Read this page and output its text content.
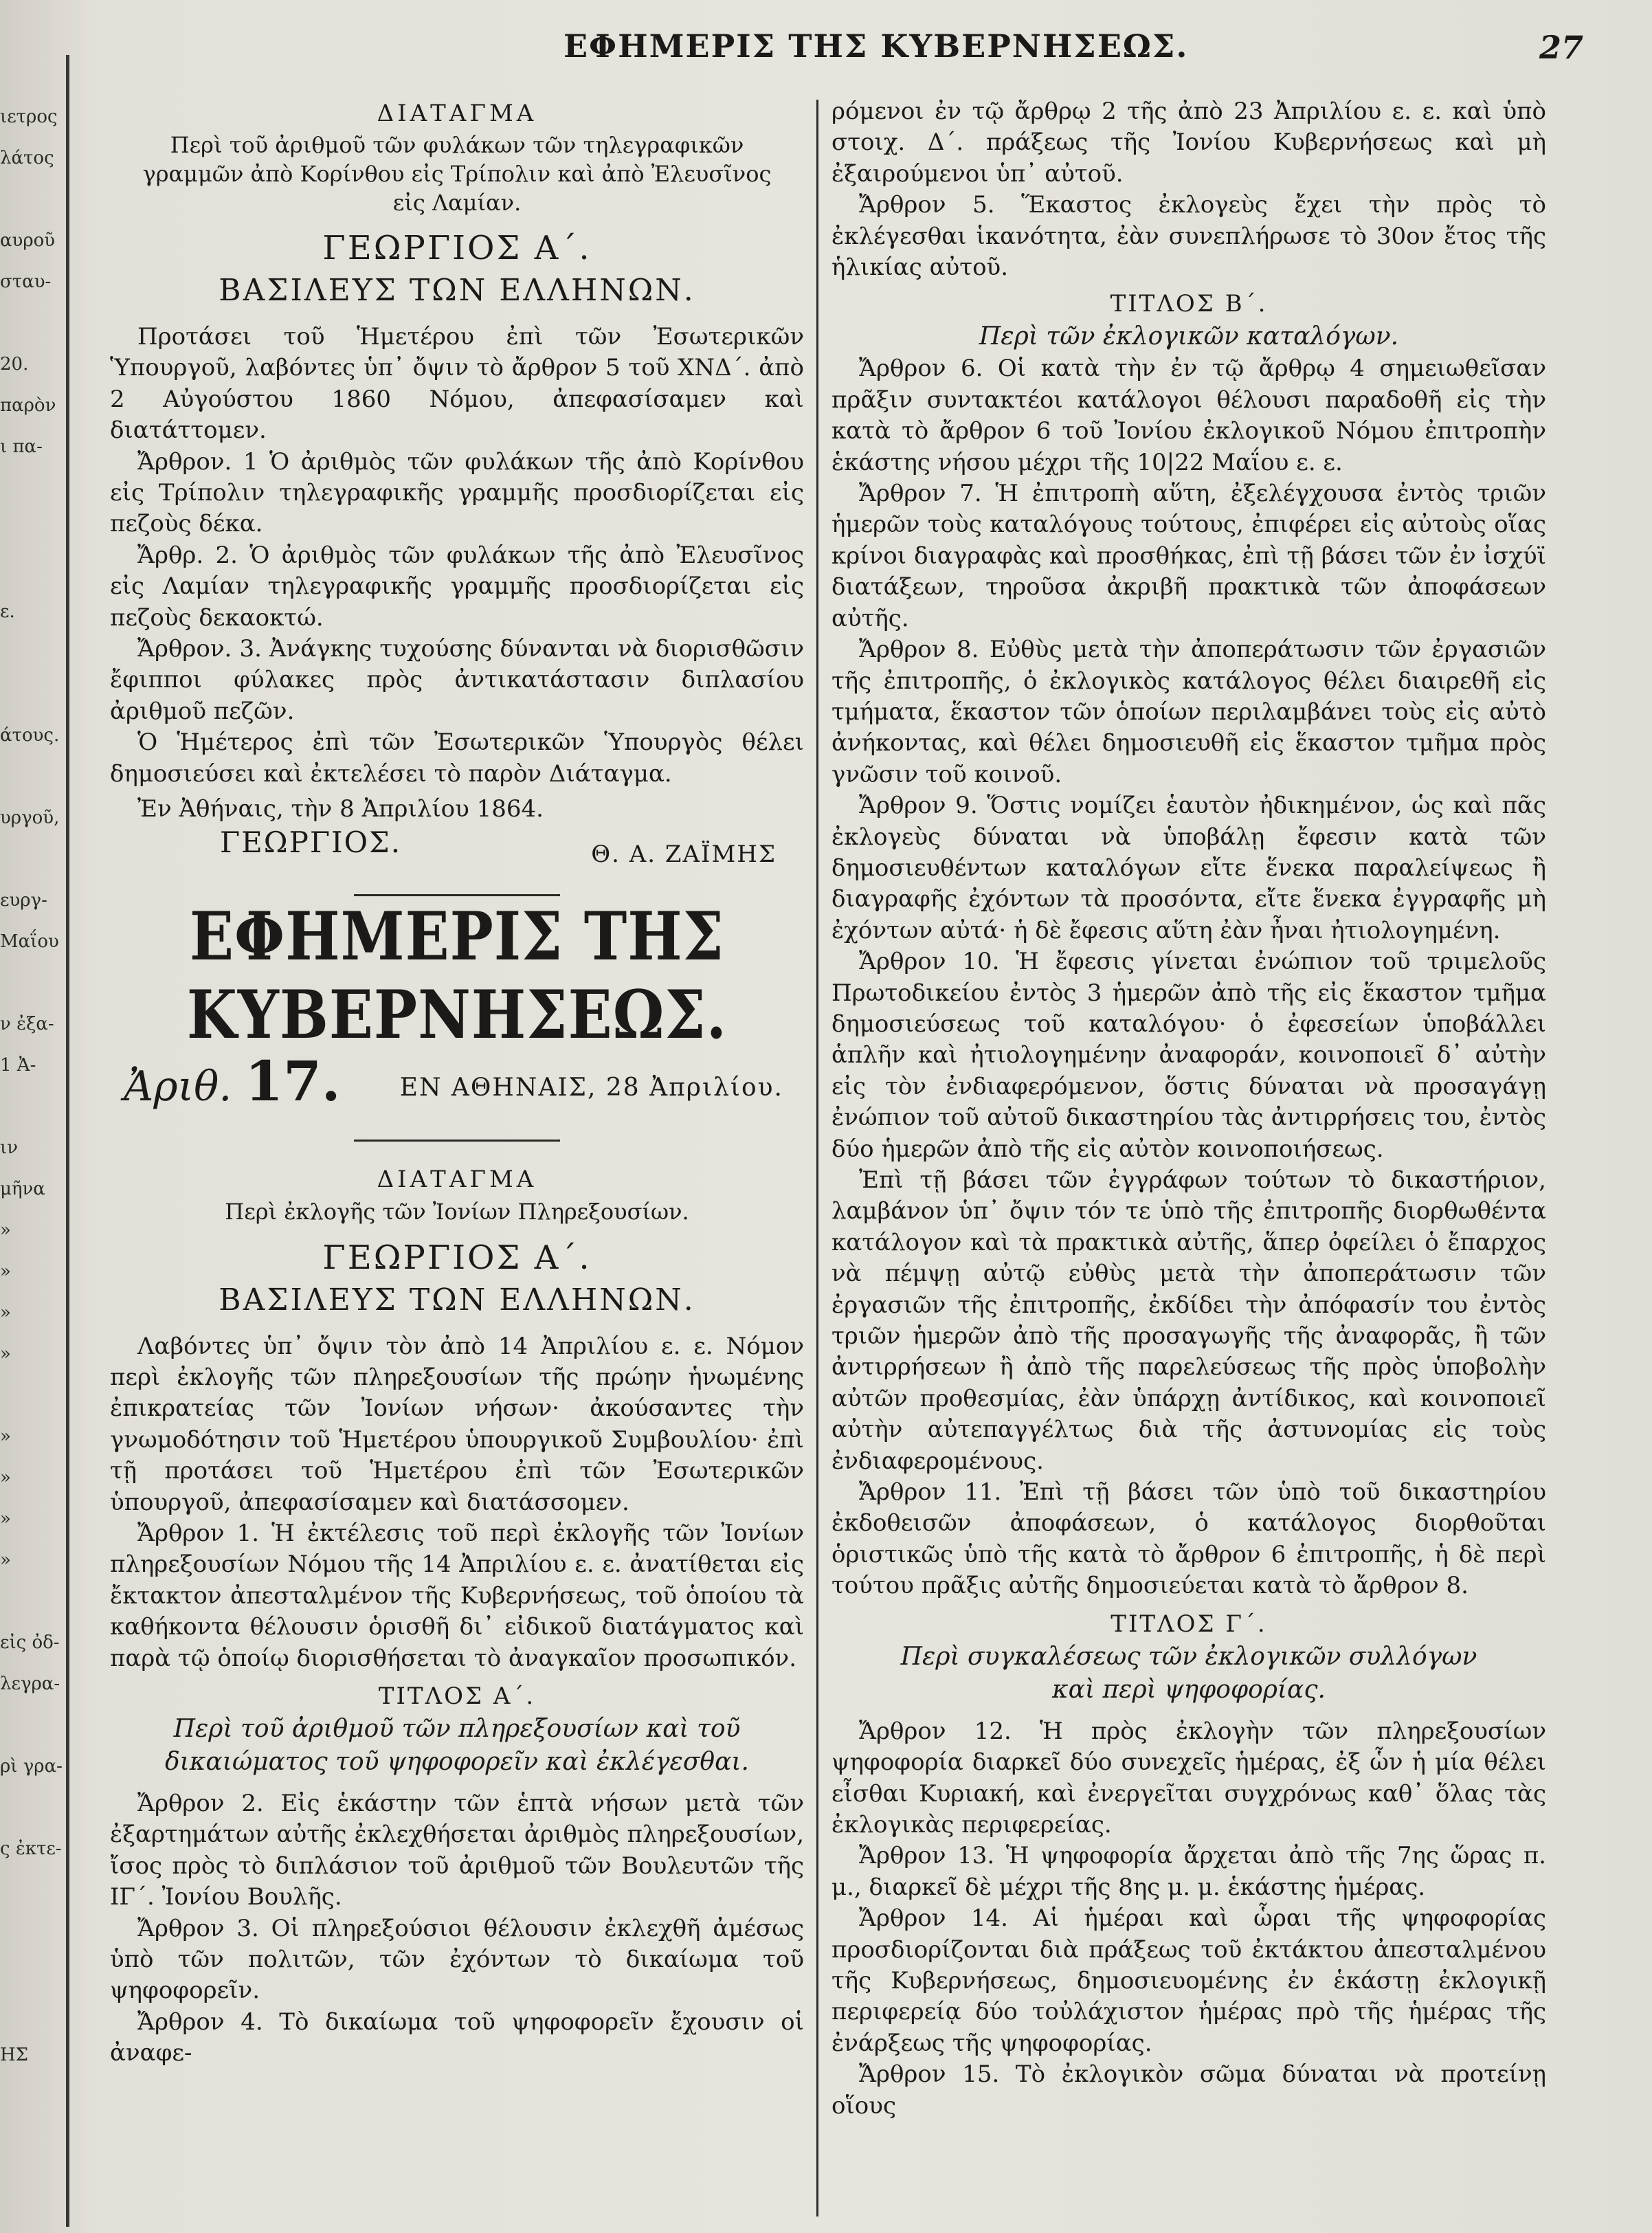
ιετρος
λάτος

αυροῦ
σταυ-

20.
παρὸν
ι πα-

ε.

άτους.

υργοῦ,

ευργ-
Μαΐου

ν ἐξα-
1 Ἀ-

ιν
μῆνα
»
»
»
»

»
»
»
»

εἰς ὀδ-
λεγρα-

ρὶ γρα-

ς ἐκτε-

ΗΣ
ΕΦΗΜΕΡΙΣ ΤΗΣ ΚΥΒΕΡΝΗΣΕΩΣ.	27
ΔΙΑΤΑΓΜΑ

Περὶ τοῦ ἀριθμοῦ τῶν φυλάκων τῶν τηλεγραφικῶν γραμμῶν ἀπὸ Κορίνθου εἰς Τρίπολιν καὶ ἀπὸ Ἐλευσῖνος εἰς Λαμίαν.

ΓΕΩΡΓΙΟΣ Α΄.
ΒΑΣΙΛΕΥΣ ΤΩΝ ΕΛΛΗΝΩΝ.

Προτάσει τοῦ Ἡμετέρου ἐπὶ τῶν Ἐσωτερικῶν Ὑπουργοῦ, λαβόντες ὑπ᾽ ὄψιν τὸ ἄρθρον 5 τοῦ ΧΝΔ΄. ἀπὸ 2 Αὐγούστου 1860 Νόμου, ἀπεφασίσαμεν καὶ διατάττομεν.

Ἄρθρον. 1 Ὁ ἀριθμὸς τῶν φυλάκων τῆς ἀπὸ Κορίνθου εἰς Τρίπολιν τηλεγραφικῆς γραμμῆς προσδιορίζεται εἰς πεζοὺς δέκα.

Ἄρθρ. 2. Ὁ ἀριθμὸς τῶν φυλάκων τῆς ἀπὸ Ἐλευσῖνος εἰς Λαμίαν τηλεγραφικῆς γραμμῆς προσδιορίζεται εἰς πεζοὺς δεκαοκτώ.

Ἄρθρον. 3. Ἀνάγκης τυχούσης δύνανται νὰ διορισθῶσιν ἔφιπποι φύλακες πρὸς ἀντικατάστασιν διπλασίου ἀριθμοῦ πεζῶν.

Ὁ Ἡμέτερος ἐπὶ τῶν Ἐσωτερικῶν Ὑπουργὸς θέλει δημοσιεύσει καὶ ἐκτελέσει τὸ παρὸν Διάταγμα.

Ἐν Ἀθήναις, τὴν 8 Ἀπριλίου 1864.

ΓΕΩΡΓΙΟΣ.	Θ. Α. ΖΑΪΜΗΣ
ΕΦΗΜΕΡΙΣ ΤΗΣ ΚΥΒΕΡΝΗΣΕΩΣ.
Ἀριθ. 17. ΕΝ ΑΘΗΝΑΙΣ, 28 Ἀπριλίου.
ΔΙΑΤΑΓΜΑ
Περὶ ἐκλογῆς τῶν Ἰονίων Πληρεξουσίων.
ΓΕΩΡΓΙΟΣ Α΄.
ΒΑΣΙΛΕΥΣ ΤΩΝ ΕΛΛΗΝΩΝ.

Λαβόντες ὑπ᾽ ὄψιν τὸν ἀπὸ 14 Ἀπριλίου ε. ε. Νόμον περὶ ἐκλογῆς τῶν πληρεξουσίων τῆς πρώην ἡνωμένης ἐπικρατείας τῶν Ἰονίων νήσων· ἀκούσαντες τὴν γνωμοδότησιν τοῦ Ἡμετέρου ὑπουργικοῦ Συμβουλίου· ἐπὶ τῇ προτάσει τοῦ Ἡμετέρου ἐπὶ τῶν Ἐσωτερικῶν ὑπουργοῦ, ἀπεφασίσαμεν καὶ διατάσσομεν.

Ἄρθρον 1. Ἡ ἐκτέλεσις τοῦ περὶ ἐκλογῆς τῶν Ἰονίων πληρεξουσίων Νόμου τῆς 14 Ἀπριλίου ε. ε. ἀνατίθεται εἰς ἔκτακτον ἀπεσταλμένον τῆς Κυβερνήσεως, τοῦ ὁποίου τὰ καθήκοντα θέλουσιν ὁρισθῆ δι᾽ εἰδικοῦ διατάγματος καὶ παρὰ τῷ ὁποίῳ διορισθήσεται τὸ ἀναγκαῖον προσωπικόν.

ΤΙΤΛΟΣ Α΄.
Περὶ τοῦ ἀριθμοῦ τῶν πληρεξουσίων καὶ τοῦ δικαιώματος τοῦ ψηφοφορεῖν καὶ ἐκλέγεσθαι.

Ἄρθρον 2. Εἰς ἑκάστην τῶν ἑπτὰ νήσων μετὰ τῶν ἐξαρτημάτων αὐτῆς ἐκλεχθήσεται ἀριθμὸς πληρεξουσίων, ἴσος πρὸς τὸ διπλάσιον τοῦ ἀριθμοῦ τῶν Βουλευτῶν τῆς ΙΓ΄. Ἰονίου Βουλῆς.

Ἄρθρον 3. Οἱ πληρεξούσιοι θέλουσιν ἐκλεχθῆ ἀμέσως ὑπὸ τῶν πολιτῶν, τῶν ἐχόντων τὸ δικαίωμα τοῦ ψηφοφορεῖν.

Ἄρθρον 4. Τὸ δικαίωμα τοῦ ψηφοφορεῖν ἔχουσιν οἱ ἀναφε-

ρόμενοι ἐν τῷ ἄρθρῳ 2 τῆς ἀπὸ 23 Ἀπριλίου ε. ε. καὶ ὑπὸ στοιχ. Δ΄. πράξεως τῆς Ἰονίου Κυβερνήσεως καὶ μὴ ἐξαιρούμενοι ὑπ᾽ αὐτοῦ.

Ἄρθρον 5. Ἕκαστος ἐκλογεὺς ἔχει τὴν πρὸς τὸ ἐκλέγεσθαι ἱκανότητα, ἐὰν συνεπλήρωσε τὸ 30ον ἔτος τῆς ἡλικίας αὐτοῦ.

ΤΙΤΛΟΣ Β΄.
Περὶ τῶν ἐκλογικῶν καταλόγων.

Ἄρθρον 6. Οἱ κατὰ τὴν ἐν τῷ ἄρθρῳ 4 σημειωθεῖσαν πρᾶξιν συντακτέοι κατάλογοι θέλουσι παραδοθῆ εἰς τὴν κατὰ τὸ ἄρθρον 6 τοῦ Ἰονίου ἐκλογικοῦ Νόμου ἐπιτροπὴν ἑκάστης νήσου μέχρι τῆς 10|22 Μαΐου ε. ε.

Ἄρθρον 7. Ἡ ἐπιτροπὴ αὕτη, ἐξελέγχουσα ἐντὸς τριῶν ἡμερῶν τοὺς καταλόγους τούτους, ἐπιφέρει εἰς αὐτοὺς οἵας κρίνοι διαγραφὰς καὶ προσθήκας, ἐπὶ τῇ βάσει τῶν ἐν ἰσχύϊ διατάξεων, τηροῦσα ἀκριβῆ πρακτικὰ τῶν ἀποφάσεων αὐτῆς.

Ἄρθρον 8. Εὐθὺς μετὰ τὴν ἀποπεράτωσιν τῶν ἐργασιῶν τῆς ἐπιτροπῆς, ὁ ἐκλογικὸς κατάλογος θέλει διαιρεθῆ εἰς τμήματα, ἕκαστον τῶν ὁποίων περιλαμβάνει τοὺς εἰς αὐτὸ ἀνήκοντας, καὶ θέλει δημοσιευθῆ εἰς ἕκαστον τμῆμα πρὸς γνῶσιν τοῦ κοινοῦ.

Ἄρθρον 9. Ὅστις νομίζει ἑαυτὸν ἠδικημένον, ὡς καὶ πᾶς ἐκλογεὺς δύναται νὰ ὑποβάλῃ ἔφεσιν κατὰ τῶν δημοσιευθέντων καταλόγων εἴτε ἕνεκα παραλείψεως ἢ διαγραφῆς ἐχόντων τὰ προσόντα, εἴτε ἕνεκα ἐγγραφῆς μὴ ἐχόντων αὐτά· ἡ δὲ ἔφεσις αὕτη ἐὰν ἦναι ἠτιολογημένη.

Ἄρθρον 10. Ἡ ἔφεσις γίνεται ἐνώπιον τοῦ τριμελοῦς Πρωτοδικείου ἐντὸς 3 ἡμερῶν ἀπὸ τῆς εἰς ἕκαστον τμῆμα δημοσιεύσεως τοῦ καταλόγου· ὁ ἐφεσείων ὑποβάλλει ἁπλῆν καὶ ἠτιολογημένην ἀναφοράν, κοινοποιεῖ δ᾽ αὐτὴν εἰς τὸν ἐνδιαφερόμενον, ὅστις δύναται νὰ προσαγάγῃ ἐνώπιον τοῦ αὐτοῦ δικαστηρίου τὰς ἀντιρρήσεις του, ἐντὸς δύο ἡμερῶν ἀπὸ τῆς εἰς αὐτὸν κοινοποιήσεως.

Ἐπὶ τῇ βάσει τῶν ἐγγράφων τούτων τὸ δικαστήριον, λαμβάνον ὑπ᾽ ὄψιν τόν τε ὑπὸ τῆς ἐπιτροπῆς διορθωθέντα κατάλογον καὶ τὰ πρακτικὰ αὐτῆς, ἅπερ ὀφείλει ὁ ἔπαρχος νὰ πέμψῃ αὐτῷ εὐθὺς μετὰ τὴν ἀποπεράτωσιν τῶν ἐργασιῶν τῆς ἐπιτροπῆς, ἐκδίδει τὴν ἀπόφασίν του ἐντὸς τριῶν ἡμερῶν ἀπὸ τῆς προσαγωγῆς τῆς ἀναφορᾶς, ἢ τῶν ἀντιρρήσεων ἢ ἀπὸ τῆς παρελεύσεως τῆς πρὸς ὑποβολὴν αὐτῶν προθεσμίας, ἐὰν ὑπάρχῃ ἀντίδικος, καὶ κοινοποιεῖ αὐτὴν αὐτεπαγγέλτως διὰ τῆς ἀστυνομίας εἰς τοὺς ἐνδιαφερομένους.

Ἄρθρον 11. Ἐπὶ τῇ βάσει τῶν ὑπὸ τοῦ δικαστηρίου ἐκδοθεισῶν ἀποφάσεων, ὁ κατάλογος διορθοῦται ὁριστικῶς ὑπὸ τῆς κατὰ τὸ ἄρθρον 6 ἐπιτροπῆς, ἡ δὲ περὶ τούτου πρᾶξις αὐτῆς δημοσιεύεται κατὰ τὸ ἄρθρον 8.

ΤΙΤΛΟΣ Γ΄.
Περὶ συγκαλέσεως τῶν ἐκλογικῶν συλλόγων καὶ περὶ ψηφοφορίας.

Ἄρθρον 12. Ἡ πρὸς ἐκλογὴν τῶν πληρεξουσίων ψηφοφορία διαρκεῖ δύο συνεχεῖς ἡμέρας, ἐξ ὧν ἡ μία θέλει εἶσθαι Κυριακή, καὶ ἐνεργεῖται συγχρόνως καθ᾽ ὅλας τὰς ἐκλογικὰς περιφερείας.

Ἄρθρον 13. Ἡ ψηφοφορία ἄρχεται ἀπὸ τῆς 7ης ὥρας π. μ., διαρκεῖ δὲ μέχρι τῆς 8ης μ. μ. ἑκάστης ἡμέρας.

Ἄρθρον 14. Αἱ ἡμέραι καὶ ὧραι τῆς ψηφοφορίας προσδιορίζονται διὰ πράξεως τοῦ ἐκτάκτου ἀπεσταλμένου τῆς Κυβερνήσεως, δημοσιευομένης ἐν ἑκάστῃ ἐκλογικῇ περιφερείᾳ δύο τοὐλάχιστον ἡμέρας πρὸ τῆς ἡμέρας τῆς ἐνάρξεως τῆς ψηφοφορίας.

Ἄρθρον 15. Τὸ ἐκλογικὸν σῶμα δύναται νὰ προτείνῃ οἵους
